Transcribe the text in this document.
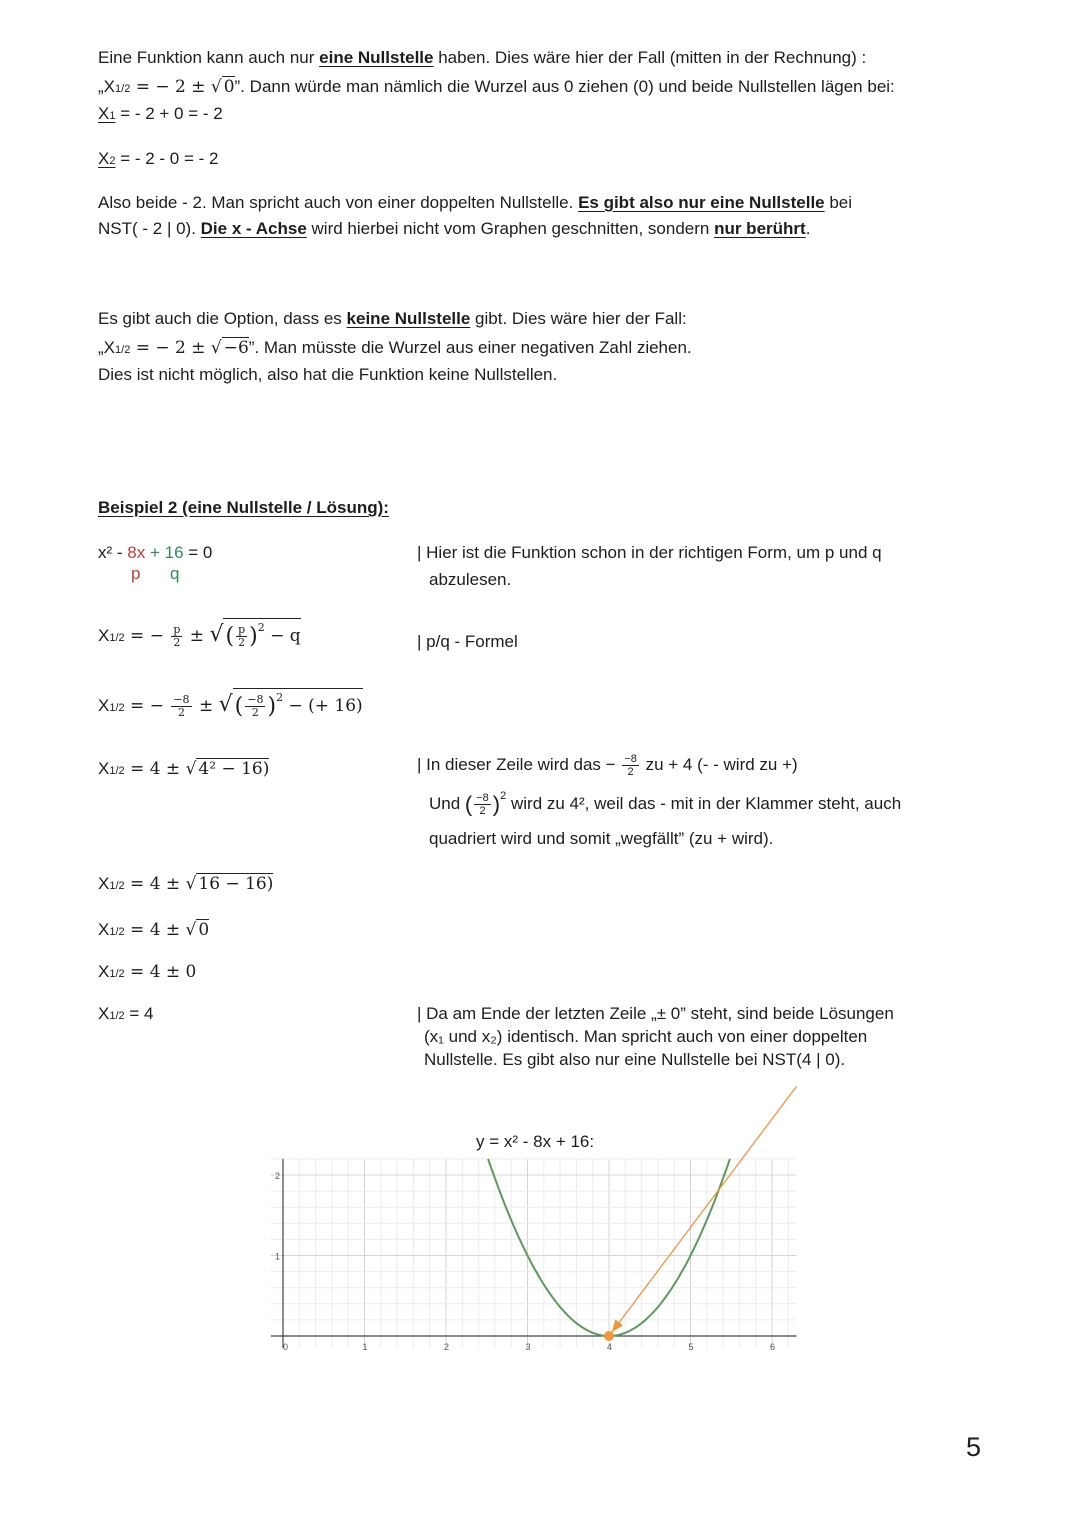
Eine Funktion kann auch nur eine Nullstelle haben. Dies wäre hier der Fall (mitten in der Rechnung) :
„X1/2 = − 2 ± √ 0”. Dann würde man nämlich die Wurzel aus 0 ziehen (0) und beide Nullstellen lägen bei:
X1 = - 2 + 0 = - 2
X2 = - 2 - 0 = - 2
Also beide - 2. Man spricht auch von einer doppelten Nullstelle. Es gibt also nur eine Nullstelle bei
NST( - 2 | 0). Die x - Achse wird hierbei nicht vom Graphen geschnitten, sondern nur berührt.
Es gibt auch die Option, dass es keine Nullstelle gibt. Dies wäre hier der Fall:
„X1/2 = − 2 ± √ −6”. Man müsste die Wurzel aus einer negativen Zahl ziehen.
Dies ist nicht möglich, also hat die Funktion keine Nullstellen.
Beispiel 2 (eine Nullstelle / Lösung):
x² - 8x + 16 = 0
p q
| Hier ist die Funktion schon in der richtigen Form, um p und q
abzulesen.
X1/2 = − $\frac{p}{2}$ ± √( $\frac{p}{2} )^2 - q$	| p/q - Formel
X1/2 = − $\frac{-8}{2}$ ± √( $\frac{-8}{2} )^2$ − (+ 16)
X1/2 = 4 ± √ 4² − 16)	| In dieser Zeile wird das − $\frac{-8}{2}$ zu + 4 (- - wird zu +)
Und ( $\frac{-8}{2} )^2$ wird zu 4², weil das - mit in der Klammer steht, auch
quadriert wird und somit „wegfällt” (zu + wird).
X1/2 = 4 ± √ 16 − 16)
X1/2 = 4 ± √ 0
X1/2 = 4 ± 0
X1/2 = 4	| Da am Ende der letzten Zeile „± 0” steht, sind beide Lösungen
(x₁ und x₂) identisch. Man spricht auch von einer doppelten
Nullstelle. Es gibt also nur eine Nullstelle bei NST(4 | 0).
y = x² - 8x + 16:
0	1	2	3	4	5	6
1
2
5
